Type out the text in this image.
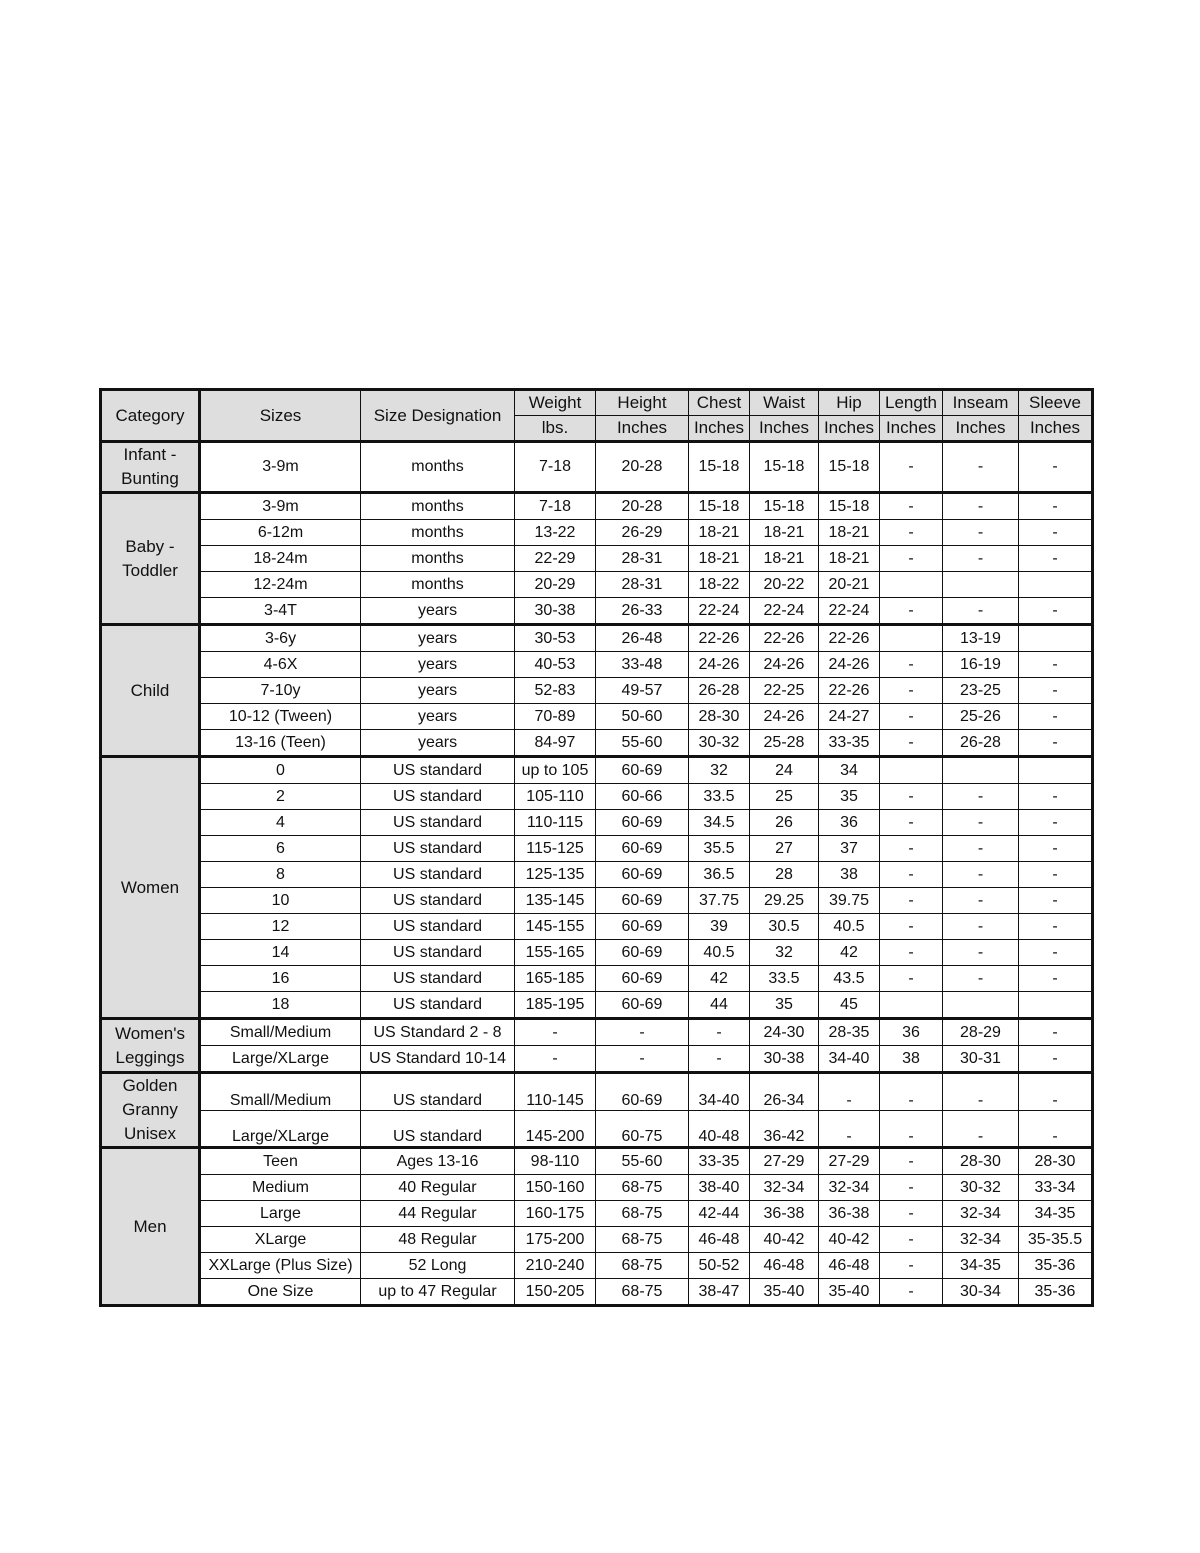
Category	Sizes	Size Designation	Weight	Height	Chest	Waist	Hip	Length	Inseam	Sleeve
			lbs.	Inches	Inches	Inches	Inches	Inches	Inches	Inches
Infant - Bunting	3-9m	months	7-18	20-28	15-18	15-18	15-18	-	-	-
Baby - Toddler	3-9m	months	7-18	20-28	15-18	15-18	15-18	-	-	-
	6-12m	months	13-22	26-29	18-21	18-21	18-21	-	-	-
	18-24m	months	22-29	28-31	18-21	18-21	18-21	-	-	-
	12-24m	months	20-29	28-31	18-22	20-22	20-21			
	3-4T	years	30-38	26-33	22-24	22-24	22-24	-	-	-
Child	3-6y	years	30-53	26-48	22-26	22-26	22-26		13-19	
	4-6X	years	40-53	33-48	24-26	24-26	24-26	-	16-19	-
	7-10y	years	52-83	49-57	26-28	22-25	22-26	-	23-25	-
	10-12 (Tween)	years	70-89	50-60	28-30	24-26	24-27	-	25-26	-
	13-16 (Teen)	years	84-97	55-60	30-32	25-28	33-35	-	26-28	-
Women	0	US standard	up to 105	60-69	32	24	34			
	2	US standard	105-110	60-66	33.5	25	35	-	-	-
	4	US standard	110-115	60-69	34.5	26	36	-	-	-
	6	US standard	115-125	60-69	35.5	27	37	-	-	-
	8	US standard	125-135	60-69	36.5	28	38	-	-	-
	10	US standard	135-145	60-69	37.75	29.25	39.75	-	-	-
	12	US standard	145-155	60-69	39	30.5	40.5	-	-	-
	14	US standard	155-165	60-69	40.5	32	42	-	-	-
	16	US standard	165-185	60-69	42	33.5	43.5	-	-	-
	18	US standard	185-195	60-69	44	35	45			
Women's Leggings	Small/Medium	US Standard 2 - 8	-	-	-	24-30	28-35	36	28-29	-
	Large/XLarge	US Standard 10-14	-	-	-	30-38	34-40	38	30-31	-
Golden Granny Unisex	Small/Medium	US standard	110-145	60-69	34-40	26-34	-	-	-	-
	Large/XLarge	US standard	145-200	60-75	40-48	36-42	-	-	-	-
Men	Teen	Ages 13-16	98-110	55-60	33-35	27-29	27-29	-	28-30	28-30
	Medium	40 Regular	150-160	68-75	38-40	32-34	32-34	-	30-32	33-34
	Large	44 Regular	160-175	68-75	42-44	36-38	36-38	-	32-34	34-35
	XLarge	48 Regular	175-200	68-75	46-48	40-42	40-42	-	32-34	35-35.5
	XXLarge (Plus Size)	52 Long	210-240	68-75	50-52	46-48	46-48	-	34-35	35-36
	One Size	up to 47 Regular	150-205	68-75	38-47	35-40	35-40	-	30-34	35-36
